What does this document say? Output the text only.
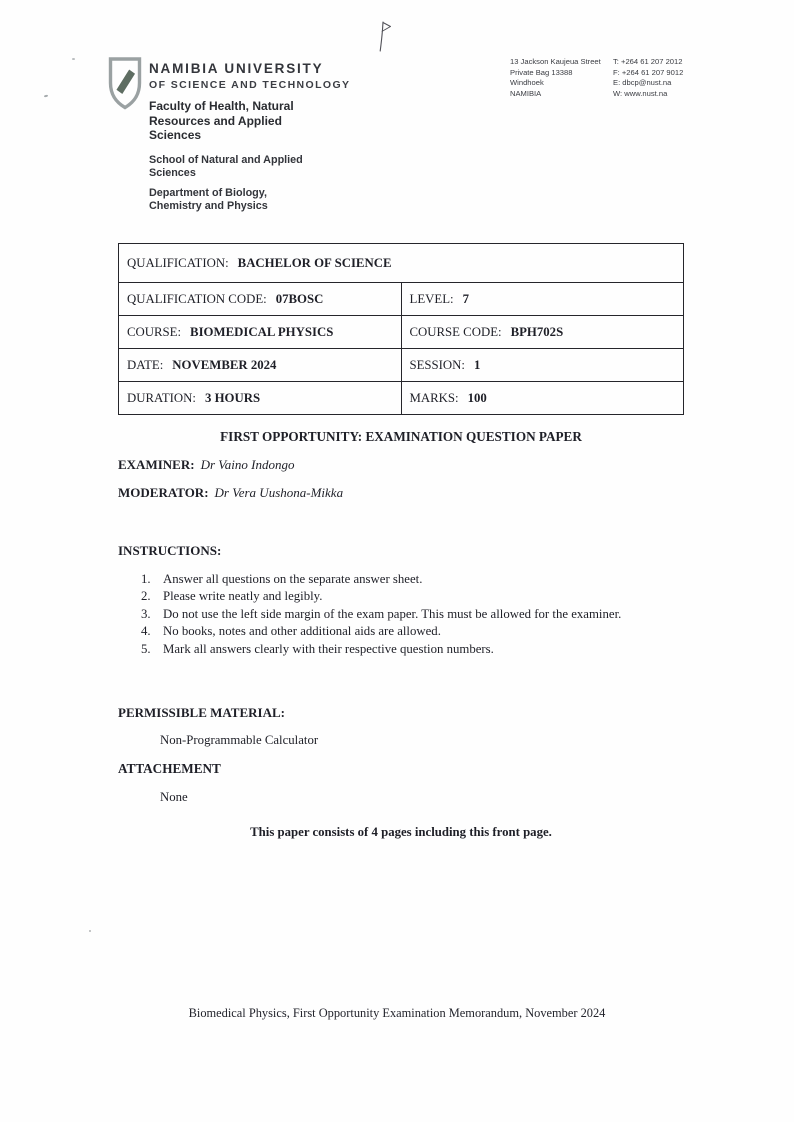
NAMIBIA UNIVERSITY
OF SCIENCE AND TECHNOLOGY
Faculty of Health, Natural Resources and Applied Sciences
School of Natural and Applied Sciences
Department of Biology, Chemistry and Physics
13 Jackson Kaujeua Street
Private Bag 13388
Windhoek
NAMIBIA
T: +264 61 207 2012
F: +264 61 207 9012
E: dbcp@nust.na
W: www.nust.na
QUALIFICATION: BACHELOR OF SCIENCE	
QUALIFICATION CODE: 07BOSC	LEVEL: 7
COURSE: BIOMEDICAL PHYSICS	COURSE CODE: BPH702S
DATE: NOVEMBER 2024	SESSION: 1
DURATION: 3 HOURS	MARKS: 100
FIRST OPPORTUNITY: EXAMINATION QUESTION PAPER
EXAMINER: Dr Vaino Indongo
MODERATOR: Dr Vera Uushona-Mikka
INSTRUCTIONS:
1. Answer all questions on the separate answer sheet.
2. Please write neatly and legibly.
3. Do not use the left side margin of the exam paper. This must be allowed for the examiner.
4. No books, notes and other additional aids are allowed.
5. Mark all answers clearly with their respective question numbers.
PERMISSIBLE MATERIAL:
Non-Programmable Calculator
ATTACHEMENT
None
This paper consists of 4 pages including this front page.
Biomedical Physics, First Opportunity Examination Memorandum, November 2024
